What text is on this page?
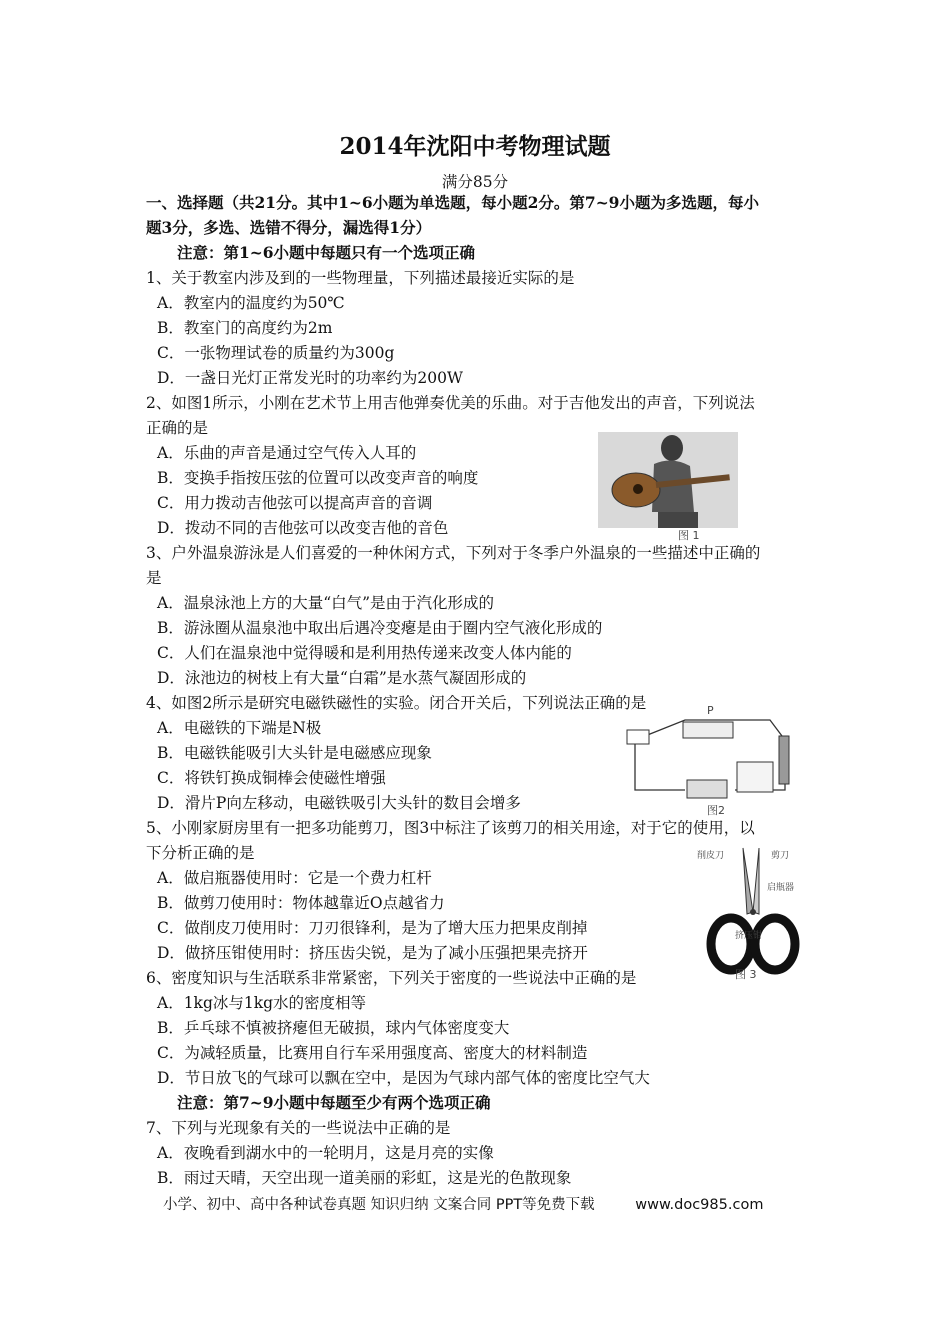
2014年沈阳中考物理试题
满分85分
一、选择题（共21分。其中1~6小题为单选题，每小题2分。第7~9小题为多选题，每小
题3分，多选、选错不得分，漏选得1分）
注意：第1~6小题中每题只有一个选项正确
1、关于教室内涉及到的一些物理量，下列描述最接近实际的是
A．教室内的温度约为50℃
B．教室门的高度约为2m
C．一张物理试卷的质量约为300g
D．一盏日光灯正常发光时的功率约为200W
2、如图1所示，小刚在艺术节上用吉他弹奏优美的乐曲。对于吉他发出的声音，下列说法
正确的是
A．乐曲的声音是通过空气传入人耳的
B．变换手指按压弦的位置可以改变声音的响度
C．用力拨动吉他弦可以提高声音的音调
D．拨动不同的吉他弦可以改变吉他的音色	图 1
3、户外温泉游泳是人们喜爱的一种休闲方式，下列对于冬季户外温泉的一些描述中正确的
是
A．温泉泳池上方的大量“白气”是由于汽化形成的
B．游泳圈从温泉池中取出后遇冷变瘪是由于圈内空气液化形成的
C．人们在温泉池中觉得暖和是利用热传递来改变人体内能的
D．泳池边的树枝上有大量“白霜”是水蒸气凝固形成的
4、如图2所示是研究电磁铁磁性的实验。闭合开关后，下列说法正确的是
A．电磁铁的下端是N极
B．电磁铁能吸引大头针是电磁感应现象
C．将铁钉换成铜棒会使磁性增强
D．滑片P向左移动，电磁铁吸引大头针的数目会增多
P
图2
5、小刚家厨房里有一把多功能剪刀，图3中标注了该剪刀的相关用途，对于它的使用，以
下分析正确的是
A．做启瓶器使用时：它是一个费力杠杆
B．做剪刀使用时：物体越靠近O点越省力
C．做削皮刀使用时：刀刃很锋利，是为了增大压力把果皮削掉
D．做挤压钳使用时：挤压齿尖锐，是为了减小压强把果壳挤开
削皮刀	剪刀
启瓶器
挤压钳
图 3
6、密度知识与生活联系非常紧密，下列关于密度的一些说法中正确的是
A．1kg冰与1kg水的密度相等
B．乒乓球不慎被挤瘪但无破损，球内气体密度变大
C．为减轻质量，比赛用自行车采用强度高、密度大的材料制造
D．节日放飞的气球可以飘在空中，是因为气球内部气体的密度比空气大
注意：第7~9小题中每题至少有两个选项正确
7、下列与光现象有关的一些说法中正确的是
A．夜晚看到湖水中的一轮明月，这是月亮的实像
B．雨过天晴，天空出现一道美丽的彩虹，这是光的色散现象
小学、初中、高中各种试卷真题 知识归纳 文案合同 PPT等免费下载	www.doc985.com
